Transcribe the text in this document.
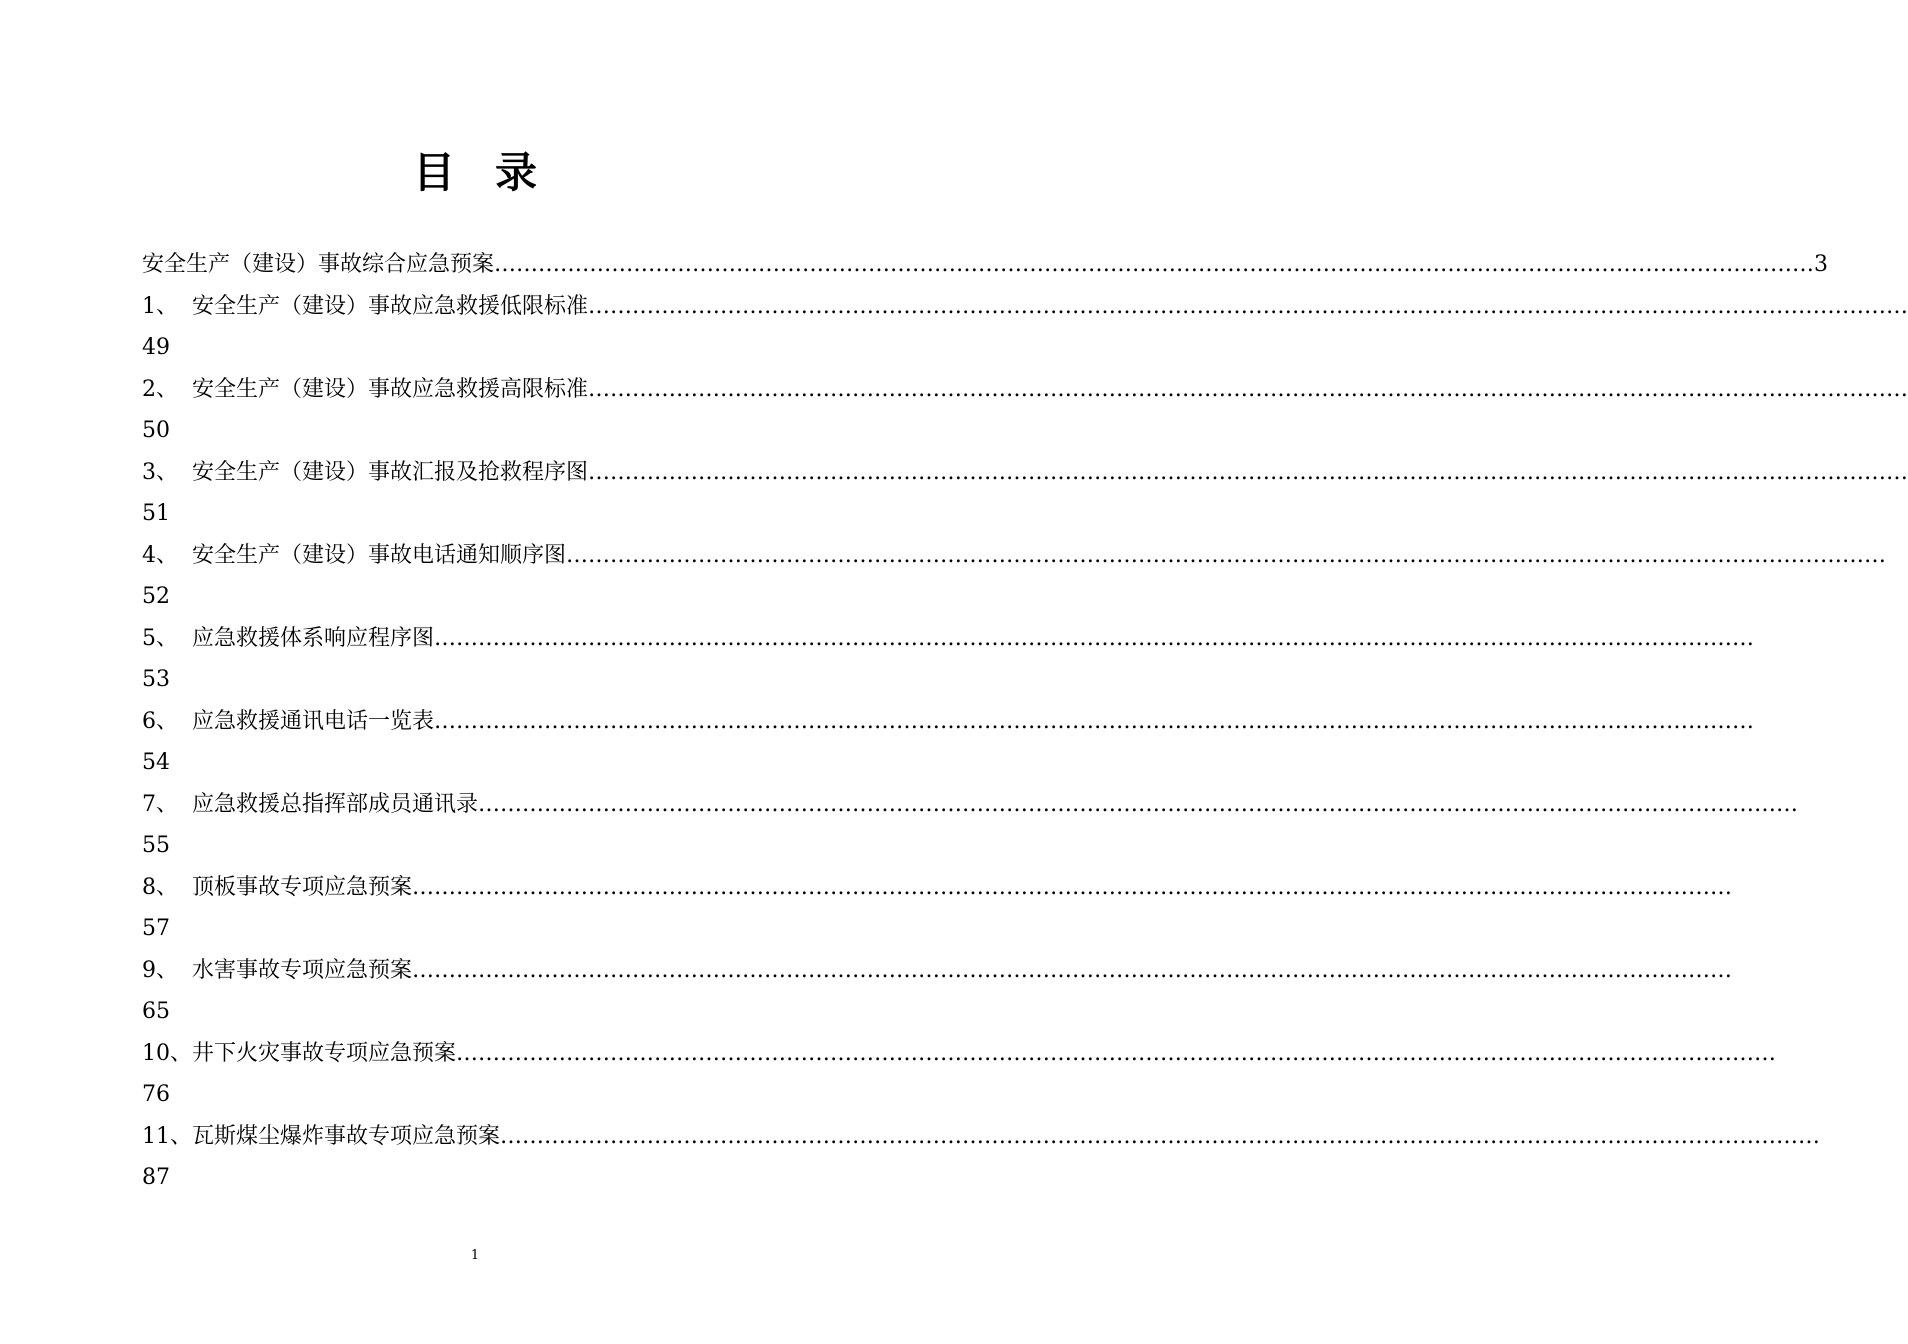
目 录
安全生产（建设）事故综合应急预案 ……………………………………………………………………………………………………………………………………………………………… 3
1、 安全生产（建设）事故应急救援低限标准 ………………………………………………………………………………………………………………………………………………………………
49
2、 安全生产（建设）事故应急救援高限标准 ………………………………………………………………………………………………………………………………………………………………
50
3、 安全生产（建设）事故汇报及抢救程序图 ………………………………………………………………………………………………………………………………………………………………
51
4、 安全生产（建设）事故电话通知顺序图 ………………………………………………………………………………………………………………………………………………………………
52
5、 应急救援体系响应程序图 ………………………………………………………………………………………………………………………………………………………………
53
6、 应急救援通讯电话一览表 ………………………………………………………………………………………………………………………………………………………………
54
7、 应急救援总指挥部成员通讯录 ………………………………………………………………………………………………………………………………………………………………
55
8、 顶板事故专项应急预案 ………………………………………………………………………………………………………………………………………………………………
57
9、 水害事故专项应急预案 ………………………………………………………………………………………………………………………………………………………………
65
10、 井下火灾事故专项应急预案 ………………………………………………………………………………………………………………………………………………………………
76
11、 瓦斯煤尘爆炸事故专项应急预案 ………………………………………………………………………………………………………………………………………………………………
87
1
